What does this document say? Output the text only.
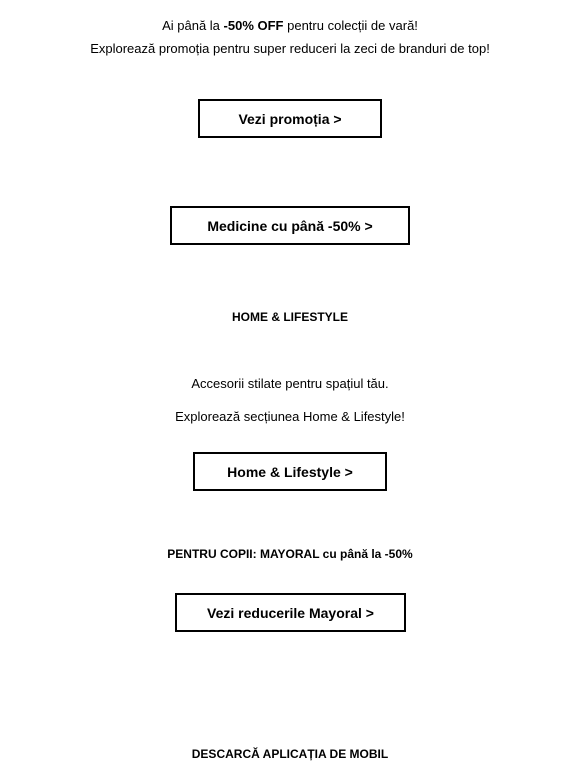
Ai până la -50% OFF pentru colecții de vară!
Explorează promoția pentru super reduceri la zeci de branduri de top!
Vezi promoția >
Medicine cu până -50% >
HOME & LIFESTYLE
Accesorii stilate pentru spațiul tău.
Explorează secțiunea Home & Lifestyle!
Home & Lifestyle >
PENTRU COPII: MAYORAL cu până la -50%
Vezi reducerile Mayoral >
DESCARCĂ APLICAȚIA DE MOBIL
